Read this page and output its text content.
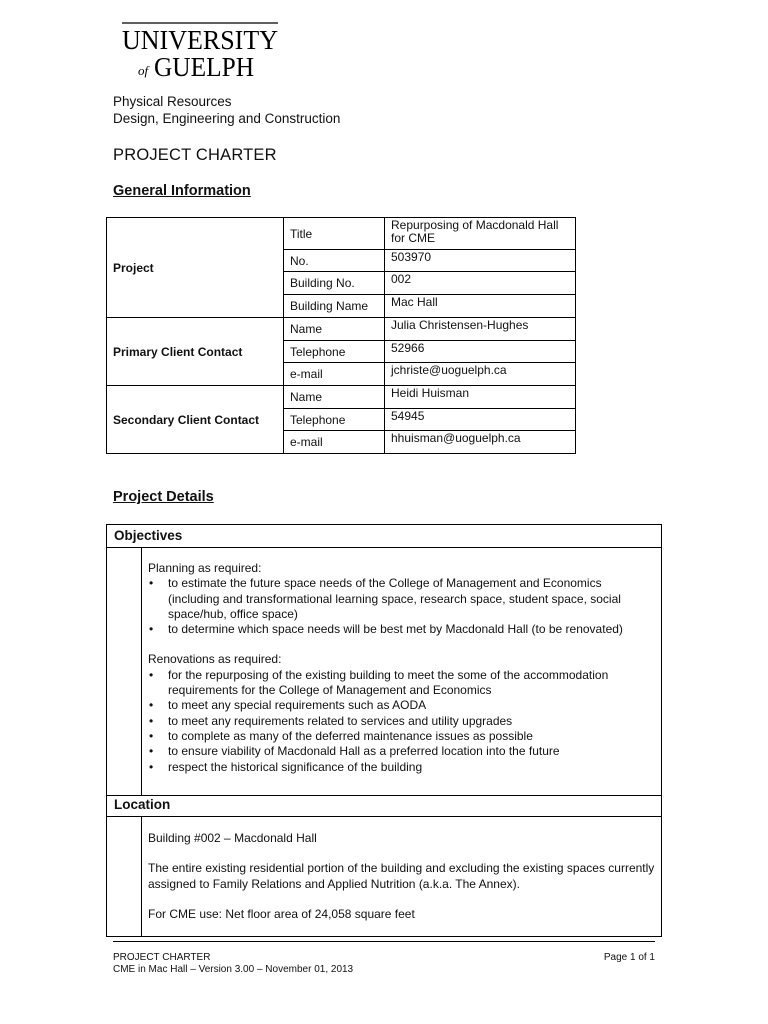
UNIVERSITY
of GUELPH
Physical Resources
Design, Engineering and Construction
PROJECT CHARTER
General Information
Project	Title	Repurposing of Macdonald Hall for CME
	No.	503970
	Building No.	002
	Building Name	Mac Hall
Primary Client Contact	Name	Julia Christensen-Hughes
	Telephone	52966
	e-mail	jchriste@uoguelph.ca
Secondary Client Contact	Name	Heidi Huisman
	Telephone	54945
	e-mail	hhuisman@uoguelph.ca
Project Details
Objectives

Planning as required:

• to estimate the future space needs of the College of Management and Economics (including and transformational learning space, research space, student space, social space/hub, office space)
• to determine which space needs will be best met by Macdonald Hall (to be renovated)

Renovations as required:

• for the repurposing of the existing building to meet the some of the accommodation requirements for the College of Management and Economics
• to meet any special requirements such as AODA
• to meet any requirements related to services and utility upgrades
• to complete as many of the deferred maintenance issues as possible
• to ensure viability of Macdonald Hall as a preferred location into the future
• respect the historical significance of the building
Location

Building #002 – Macdonald Hall

The entire existing residential portion of the building and excluding the existing spaces currently assigned to Family Relations and Applied Nutrition (a.k.a. The Annex).

For CME use: Net floor area of 24,058 square feet

PROJECT CHARTER
CME in Mac Hall – Version 3.00 – November 01, 2013
Page 1 of 1
